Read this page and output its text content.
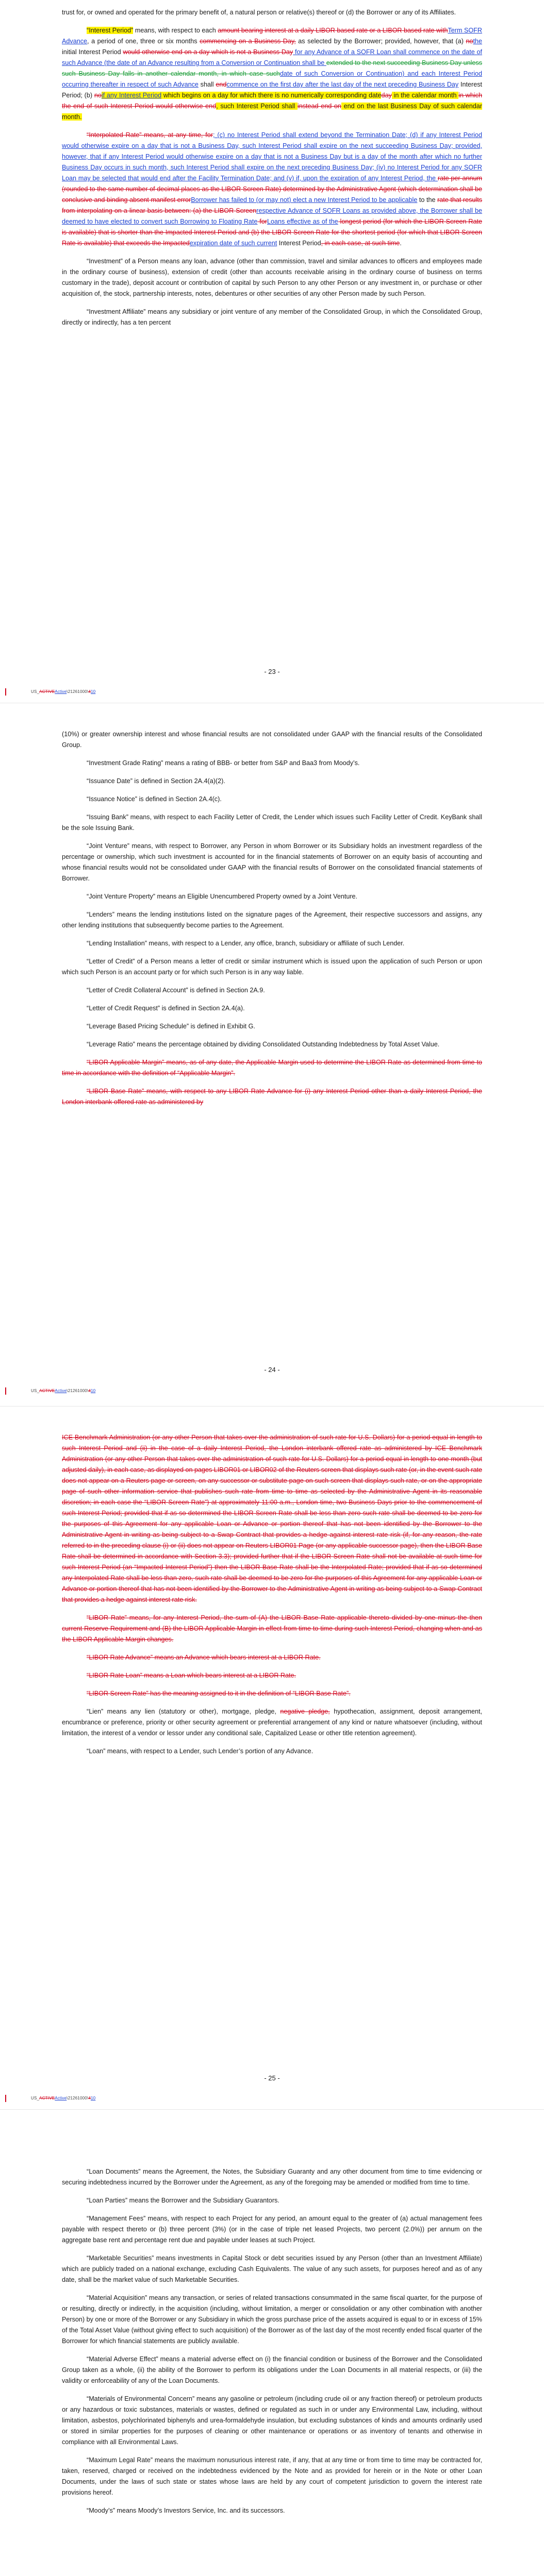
trust for, or owned and operated for the primary benefit of, a natural person or relative(s) thereof or (d) the Borrower or any of its Affiliates.

“Interest Period” means, with respect to each amount bearing interest at a daily LIBOR based rate or a LIBOR based rate withTerm SOFR Advance, a period of one, three or six months commencing on a Business Day, as selected by the Borrower; provided, however, that (a) nothe initial Interest Period would otherwise end on a day which is not a Business Day for any Advance of a SOFR Loan shall commence on the date of such Advance (the date of an Advance resulting from a Conversion or Continuation shall be extended to the next succeeding Business Day unless such Business Day falls in another calendar month, in which case suchdate of such Conversion or Continuation) and each Interest Period occurring thereafter in respect of such Advance shall endcommence on the first day after the last day of the next preceding Business Day Interest Period; (b) noif any Interest Period which begins on a day for which there is no numerically corresponding dateday in the calendar month in which the end of such Interest Period would otherwise end, such Interest Period shall instead end on end on the last Business Day of such calendar month.

“Interpolated Rate” means, at any time, for; (c) no Interest Period shall extend beyond the Termination Date; (d) if any Interest Period would otherwise expire on a day that is not a Business Day, such Interest Period shall expire on the next succeeding Business Day; provided, however, that if any Interest Period would otherwise expire on a day that is not a Business Day but is a day of the month after which no further Business Day occurs in such month, such Interest Period shall expire on the next preceding Business Day; (iv) no Interest Period for any SOFR Loan may be selected that would end after the Facility Termination Date; and (v) if, upon the expiration of any Interest Period, the rate per annum (rounded to the same number of decimal places as the LIBOR Screen Rate) determined by the Administrative Agent (which determination shall be conclusive and binding absent manifest errorBorrower has failed to (or may not) elect a new Interest Period to be applicable to the rate that results from interpolating on a linear basis between: (a) the LIBOR Screenrespective Advance of SOFR Loans as provided above, the Borrower shall be deemed to have elected to convert such Borrowing to Floating Rate forLoans effective as of the longest period (for which the LIBOR Screen Rate is available) that is shorter than the Impacted Interest Period and (b) the LIBOR Screen Rate for the shortest period (for which that LIBOR Screen Rate is available) that exceeds the Impactedexpiration date of such current Interest Period, in each case, at such time.

“Investment” of a Person means any loan, advance (other than commission, travel and similar advances to officers and employees made in the ordinary course of business), extension of credit (other than accounts receivable arising in the ordinary course of business on terms customary in the trade), deposit account or contribution of capital by such Person to any other Person or any investment in, or purchase or other acquisition of, the stock, partnership interests, notes, debentures or other securities of any other Person made by such Person.

“Investment Affiliate” means any subsidiary or joint venture of any member of the Consolidated Group, in which the Consolidated Group, directly or indirectly, has a ten percent

- 23 -
US_ACTIVEActive\21261000\410

(10%) or greater ownership interest and whose financial results are not consolidated under GAAP with the financial results of the Consolidated Group.

“Investment Grade Rating” means a rating of BBB- or better from S&P and Baa3 from Moody’s.

“Issuance Date” is defined in Section 2A.4(a)(2).

“Issuance Notice” is defined in Section 2A.4(c).

“Issuing Bank” means, with respect to each Facility Letter of Credit, the Lender which issues such Facility Letter of Credit. KeyBank shall be the sole Issuing Bank.

“Joint Venture” means, with respect to Borrower, any Person in whom Borrower or its Subsidiary holds an investment regardless of the percentage or ownership, which such investment is accounted for in the financial statements of Borrower on an equity basis of accounting and whose financial results would not be consolidated under GAAP with the financial results of Borrower on the consolidated financial statements of Borrower.

“Joint Venture Property” means an Eligible Unencumbered Property owned by a Joint Venture.

“Lenders” means the lending institutions listed on the signature pages of the Agreement, their respective successors and assigns, any other lending institutions that subsequently become parties to the Agreement.

“Lending Installation” means, with respect to a Lender, any office, branch, subsidiary or affiliate of such Lender.

“Letter of Credit” of a Person means a letter of credit or similar instrument which is issued upon the application of such Person or upon which such Person is an account party or for which such Person is in any way liable.

“Letter of Credit Collateral Account” is defined in Section 2A.9.

“Letter of Credit Request” is defined in Section 2A.4(a).

“Leverage Based Pricing Schedule” is defined in Exhibit G.

“Leverage Ratio” means the percentage obtained by dividing Consolidated Outstanding Indebtedness by Total Asset Value.

“LIBOR Applicable Margin” means, as of any date, the Applicable Margin used to determine the LIBOR Rate as determined from time to time in accordance with the definition of “Applicable Margin”.

“LIBOR Base Rate” means, with respect to any LIBOR Rate Advance for (i) any Interest Period other than a daily Interest Period, the London interbank offered rate as administered by

- 24 -
US_ACTIVEActive\21261000\410

ICE Benchmark Administration (or any other Person that takes over the administration of such rate for U.S. Dollars) for a period equal in length to such Interest Period and (ii) in the case of a daily Interest Period, the London interbank offered rate as administered by ICE Benchmark Administration (or any other Person that takes over the administration of such rate for U.S. Dollars) for a period equal in length to one month (but adjusted daily), in each case, as displayed on pages LIBOR01 or LIBOR02 of the Reuters screen that displays such rate (or, in the event such rate does not appear on a Reuters page or screen, on any successor or substitute page on such screen that displays such rate, or on the appropriate page of such other information service that publishes such rate from time to time as selected by the Administrative Agent in its reasonable discretion; in each case the “LIBOR Screen Rate”) at approximately 11:00 a.m., London time, two Business Days prior to the commencement of such Interest Period; provided that if as so determined the LIBOR Screen Rate shall be less than zero such rate shall be deemed to be zero for the purposes of this Agreement for any applicable Loan or Advance or portion thereof that has not been identified by the Borrower to the Administrative Agent in writing as being subject to a Swap Contract that provides a hedge against interest rate risk (if, for any reason, the rate referred to in the preceding clause (i) or (ii) does not appear on Reuters LIBOR01 Page (or any applicable successor page), then the LIBOR Base Rate shall be determined in accordance with Section 3.3); provided further that if the LIBOR Screen Rate shall not be available at such time for such Interest Period (an “Impacted Interest Period”) then the LIBOR Base Rate shall be the Interpolated Rate; provided that if as so determined any Interpolated Rate shall be less than zero, such rate shall be deemed to be zero for the purposes of this Agreement for any applicable Loan or Advance or portion thereof that has not been identified by the Borrower to the Administrative Agent in writing as being subject to a Swap Contract that provides a hedge against interest rate risk.

“LIBOR Rate” means, for any Interest Period, the sum of (A) the LIBOR Base Rate applicable thereto divided by one minus the then current Reserve Requirement and (B) the LIBOR Applicable Margin in effect from time to time during such Interest Period, changing when and as the LIBOR Applicable Margin changes.

“LIBOR Rate Advance” means an Advance which bears interest at a LIBOR Rate.

“LIBOR Rate Loan” means a Loan which bears interest at a LIBOR Rate.

“LIBOR Screen Rate” has the meaning assigned to it in the definition of “LIBOR Base Rate”.

“Lien” means any lien (statutory or other), mortgage, pledge, negative pledge, hypothecation, assignment, deposit arrangement, encumbrance or preference, priority or other security agreement or preferential arrangement of any kind or nature whatsoever (including, without limitation, the interest of a vendor or lessor under any conditional sale, Capitalized Lease or other title retention agreement).

“Loan” means, with respect to a Lender, such Lender’s portion of any Advance.

- 25 -
US_ACTIVEActive\21261000\410

“Loan Documents” means the Agreement, the Notes, the Subsidiary Guaranty and any other document from time to time evidencing or securing indebtedness incurred by the Borrower under the Agreement, as any of the foregoing may be amended or modified from time to time.

“Loan Parties” means the Borrower and the Subsidiary Guarantors.

“Management Fees” means, with respect to each Project for any period, an amount equal to the greater of (a) actual management fees payable with respect thereto or (b) three percent (3%) (or in the case of triple net leased Projects, two percent (2.0%)) per annum on the aggregate base rent and percentage rent due and payable under leases at such Project.

“Marketable Securities” means investments in Capital Stock or debt securities issued by any Person (other than an Investment Affiliate) which are publicly traded on a national exchange, excluding Cash Equivalents. The value of any such assets, for purposes hereof and as of any date, shall be the market value of such Marketable Securities.

“Material Acquisition” means any transaction, or series of related transactions consummated in the same fiscal quarter, for the purpose of or resulting, directly or indirectly, in the acquisition (including, without limitation, a merger or consolidation or any other combination with another Person) by one or more of the Borrower or any Subsidiary in which the gross purchase price of the assets acquired is equal to or in excess of 15% of the Total Asset Value (without giving effect to such acquisition) of the Borrower as of the last day of the most recently ended fiscal quarter of the Borrower for which financial statements are publicly available.

“Material Adverse Effect” means a material adverse effect on (i) the financial condition or business of the Borrower and the Consolidated Group taken as a whole, (ii) the ability of the Borrower to perform its obligations under the Loan Documents in all material respects, or (iii) the validity or enforceability of any of the Loan Documents.

“Materials of Environmental Concern” means any gasoline or petroleum (including crude oil or any fraction thereof) or petroleum products or any hazardous or toxic substances, materials or wastes, defined or regulated as such in or under any Environmental Law, including, without limitation, asbestos, polychlorinated biphenyls and urea-formaldehyde insulation, but excluding substances of kinds and amounts ordinarily used or stored in similar properties for the purposes of cleaning or other maintenance or operations or as inventory of tenants and otherwise in compliance with all Environmental Laws.

“Maximum Legal Rate” means the maximum nonusurious interest rate, if any, that at any time or from time to time may be contracted for, taken, reserved, charged or received on the indebtedness evidenced by the Note and as provided for herein or in the Note or other Loan Documents, under the laws of such state or states whose laws are held by any court of competent jurisdiction to govern the interest rate provisions hereof.

“Moody’s” means Moody’s Investors Service, Inc. and its successors.
